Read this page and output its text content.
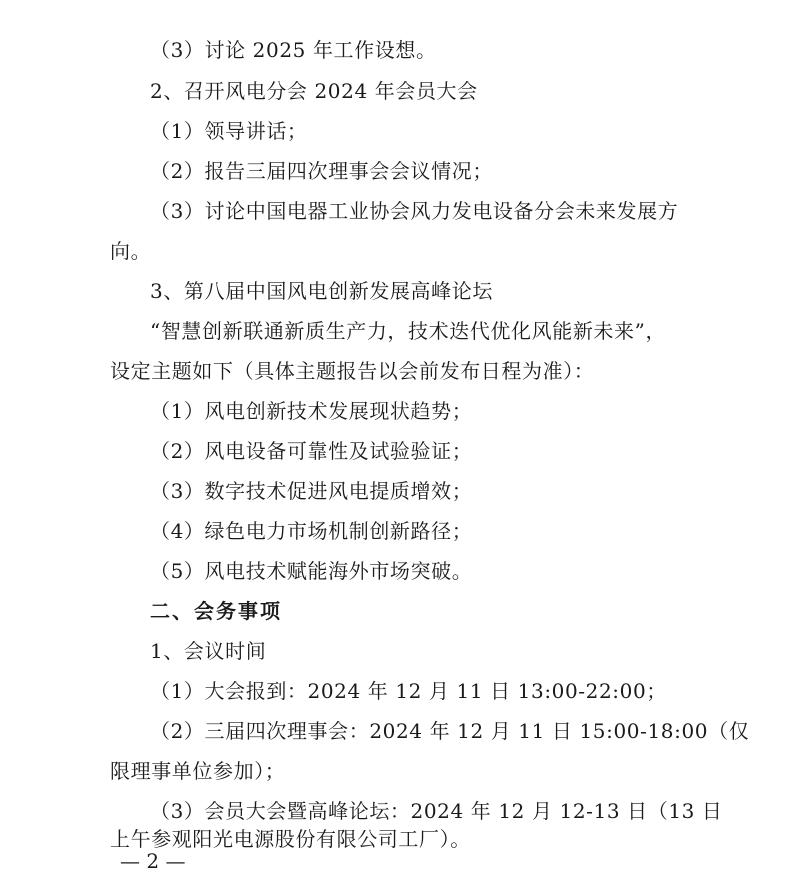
（3）讨论 2025 年工作设想。
2、召开风电分会 2024 年会员大会
（1）领导讲话；
（2）报告三届四次理事会会议情况；
（3）讨论中国电器工业协会风力发电设备分会未来发展方
向。
3、第八届中国风电创新发展高峰论坛
“智慧创新联通新质生产力，技术迭代优化风能新未来”，
设定主题如下（具体主题报告以会前发布日程为准）：
（1）风电创新技术发展现状趋势；
（2）风电设备可靠性及试验验证；
（3）数字技术促进风电提质增效；
（4）绿色电力市场机制创新路径；
（5）风电技术赋能海外市场突破。
二、会务事项
1、会议时间
（1）大会报到：2024 年 12 月 11 日 13:00-22:00；
（2）三届四次理事会：2024 年 12 月 11 日 15:00-18:00（仅
限理事单位参加）；
（3）会员大会暨高峰论坛：2024 年 12 月 12-13 日（13 日
上午参观阳光电源股份有限公司工厂）。
— 2 —
